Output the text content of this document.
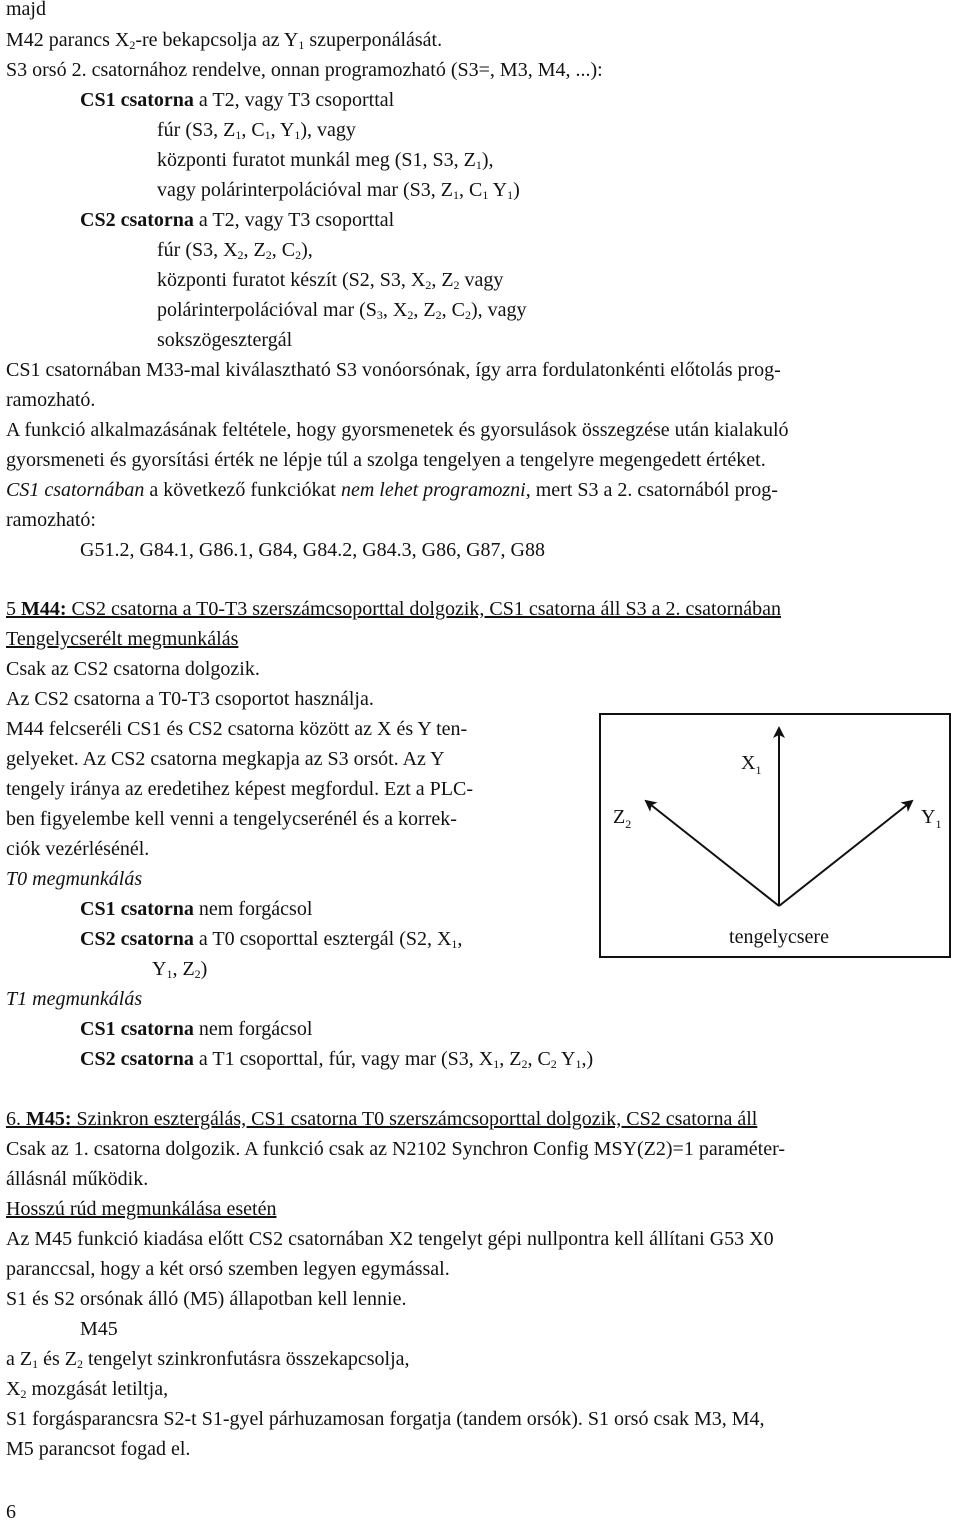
majd
M42 parancs $X_2-re$ bekapcsolja az $Y_1$ szuperponálását.
S3 orsó 2. csatornához rendelve, onnan programozható (S3=, M3, M4, ...):
CS1 csatorna a T2, vagy T3 csoporttal
fúr (S3, $Z_1$, $C_1$, $Y_1$), vagy
központi furatot munkál meg (S1, S3, $Z_1$),
vagy polárinterpolációval mar (S3, $Z_1$, $C_1$ $Y_1$)
CS2 csatorna a T2, vagy T3 csoporttal
fúr (S3, $X_2$, $Z_2$, $C_2$),
központi furatot készít (S2, S3, $X_2$, $Z_2$ vagy
polárinterpolációval mar ($S_3$, $X_2$, $Z_2$, $C_2$), vagy
sokszögesztergál
CS1 csatornában M33-mal kiválasztható S3 vonóorsónak, így arra fordulatonkénti előtolás prog-
ramozható.
A funkció alkalmazásának feltétele, hogy gyorsmenetek és gyorsulások összegzése után kialakuló
gyorsmeneti és gyorsítási érték ne lépje túl a szolga tengelyen a tengelyre megengedett értéket.
CS1 csatornában a következő funkciókat nem lehet programozni, mert S3 a 2. csatornából prog-
ramozható:
G51.2, G84.1, G86.1, G84, G84.2, G84.3, G86, G87, G88
5 M44: CS2 csatorna a T0-T3 szerszámcsoporttal dolgozik, CS1 csatorna áll S3 a 2. csatornában
Tengelycserélt megmunkálás
Csak az CS2 csatorna dolgozik.
Az CS2 csatorna a T0-T3 csoportot használja.
M44 felcseréli CS1 és CS2 csatorna között az X és Y ten-
gelyeket. Az CS2 csatorna megkapja az S3 orsót. Az Y
tengely iránya az eredetihez képest megfordul. Ezt a PLC-
ben figyelembe kell venni a tengelycserénél és a korrek-
ciók vezérlésénél.
T0 megmunkálás
CS1 csatorna nem forgácsol
CS2 csatorna a T0 csoporttal esztergál (S2, $X_1$,
$Y_1$, $Z_2$)
T1 megmunkálás
CS1 csatorna nem forgácsol
CS2 csatorna a T1 csoporttal, fúr, vagy mar (S3, $X_1$, $Z_2$, $C_2$ $Y_1$,)
$X_1$
$Z_2$	$Y_1$
tengelycsere
6. M45: Szinkron esztergálás, CS1 csatorna T0 szerszámcsoporttal dolgozik, CS2 csatorna áll
Csak az 1. csatorna dolgozik. A funkció csak az N2102 Synchron Config MSY(Z2)=1 paraméter-
állásnál működik.
Hosszú rúd megmunkálása esetén
Az M45 funkció kiadása előtt CS2 csatornában X2 tengelyt gépi nullpontra kell állítani G53 X0
paranccsal, hogy a két orsó szemben legyen egymással.
S1 és S2 orsónak álló (M5) állapotban kell lennie.
M45
a $Z_1$ és $Z_2$ tengelyt szinkronfutásra összekapcsolja,
$X_2$ mozgását letiltja,
S1 forgásparancsra S2-t S1-gyel párhuzamosan forgatja (tandem orsók). S1 orsó csak M3, M4,
M5 parancsot fogad el.
6
